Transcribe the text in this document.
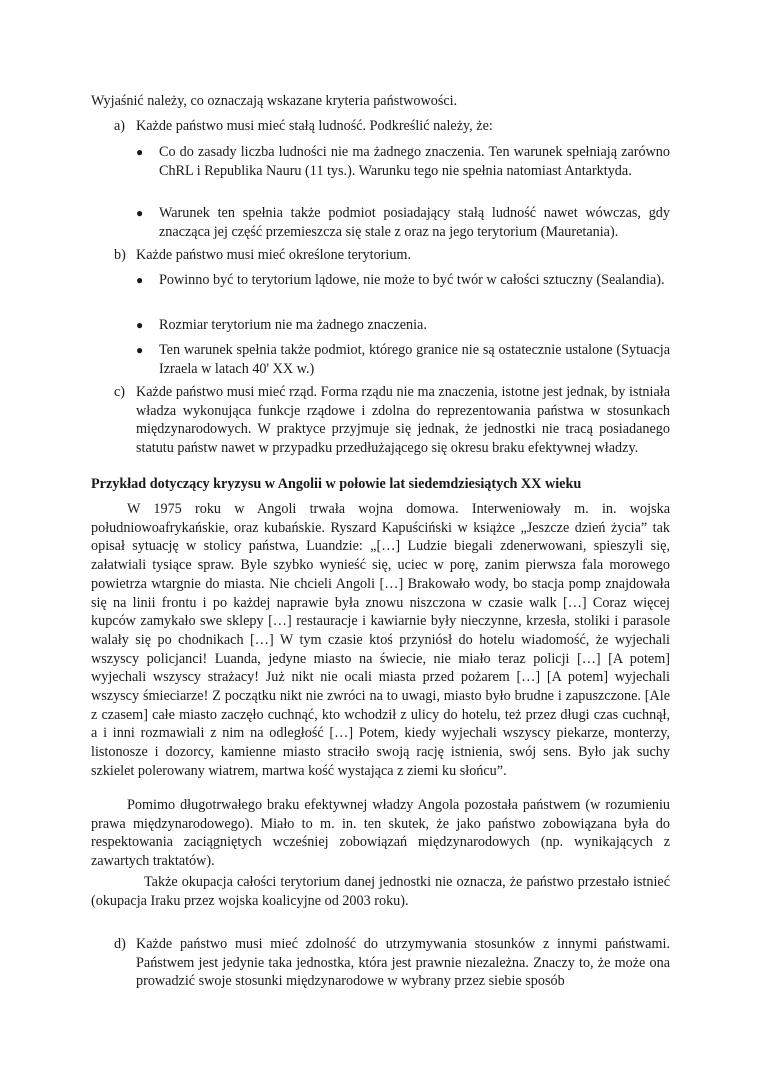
Wyjaśnić należy, co oznaczają wskazane kryteria państwowości.
a) Każde państwo musi mieć stałą ludność. Podkreślić należy, że:
● Co do zasady liczba ludności nie ma żadnego znaczenia. Ten warunek spełniają zarówno ChRL i Republika Nauru (11 tys.). Warunku tego nie spełnia natomiast Antarktyda.
● Warunek ten spełnia także podmiot posiadający stałą ludność nawet wówczas, gdy znacząca jej część przemieszcza się stale z oraz na jego terytorium (Mauretania).
b) Każde państwo musi mieć określone terytorium.
● Powinno być to terytorium lądowe, nie może to być twór w całości sztuczny (Sealandia).
● Rozmiar terytorium nie ma żadnego znaczenia.
● Ten warunek spełnia także podmiot, którego granice nie są ostatecznie ustalone (Sytuacja Izraela w latach 40' XX w.)
c) Każde państwo musi mieć rząd. Forma rządu nie ma znaczenia, istotne jest jednak, by istniała władza wykonująca funkcje rządowe i zdolna do reprezentowania państwa w stosunkach międzynarodowych. W praktyce przyjmuje się jednak, że jednostki nie tracą posiadanego statutu państw nawet w przypadku przedłużającego się okresu braku efektywnej władzy.
Przykład dotyczący kryzysu w Angolii w połowie lat siedemdziesiątych XX wieku
W 1975 roku w Angoli trwała wojna domowa. Interweniowały m. in. wojska południowoafrykańskie, oraz kubańskie. Ryszard Kapuściński w książce „Jeszcze dzień życia” tak opisał sytuację w stolicy państwa, Luandzie: „[…] Ludzie biegali zdenerwowani, spieszyli się, załatwiali tysiące spraw. Byle szybko wynieść się, uciec w porę, zanim pierwsza fala morowego powietrza wtargnie do miasta. Nie chcieli Angoli […] Brakowało wody, bo stacja pomp znajdowała się na linii frontu i po każdej naprawie była znowu niszczona w czasie walk […] Coraz więcej kupców zamykało swe sklepy […] restauracje i kawiarnie były nieczynne, krzesła, stoliki i parasole walały się po chodnikach […] W tym czasie ktoś przyniósł do hotelu wiadomość, że wyjechali wszyscy policjanci! Luanda, jedyne miasto na świecie, nie miało teraz policji […] [A potem] wyjechali wszyscy strażacy! Już nikt nie ocali miasta przed pożarem […] [A potem] wyjechali wszyscy śmieciarze! Z początku nikt nie zwróci na to uwagi, miasto było brudne i zapuszczone. [Ale z czasem] całe miasto zaczęło cuchnąć, kto wchodził z ulicy do hotelu, też przez długi czas cuchnął, a i inni rozmawiali z nim na odległość […] Potem, kiedy wyjechali wszyscy piekarze, monterzy, listonosze i dozorcy, kamienne miasto straciło swoją rację istnienia, swój sens. Było jak suchy szkielet polerowany wiatrem, martwa kość wystająca z ziemi ku słońcu”.
Pomimo długotrwałego braku efektywnej władzy Angola pozostała państwem (w rozumieniu prawa międzynarodowego). Miało to m. in. ten skutek, że jako państwo zobowiązana była do respektowania zaciągniętych wcześniej zobowiązań międzynarodowych (np. wynikających z zawartych traktatów).
Także okupacja całości terytorium danej jednostki nie oznacza, że państwo przestało istnieć (okupacja Iraku przez wojska koalicyjne od 2003 roku).
d) Każde państwo musi mieć zdolność do utrzymywania stosunków z innymi państwami. Państwem jest jedynie taka jednostka, która jest prawnie niezależna. Znaczy to, że może ona prowadzić swoje stosunki międzynarodowe w wybrany przez siebie sposób
